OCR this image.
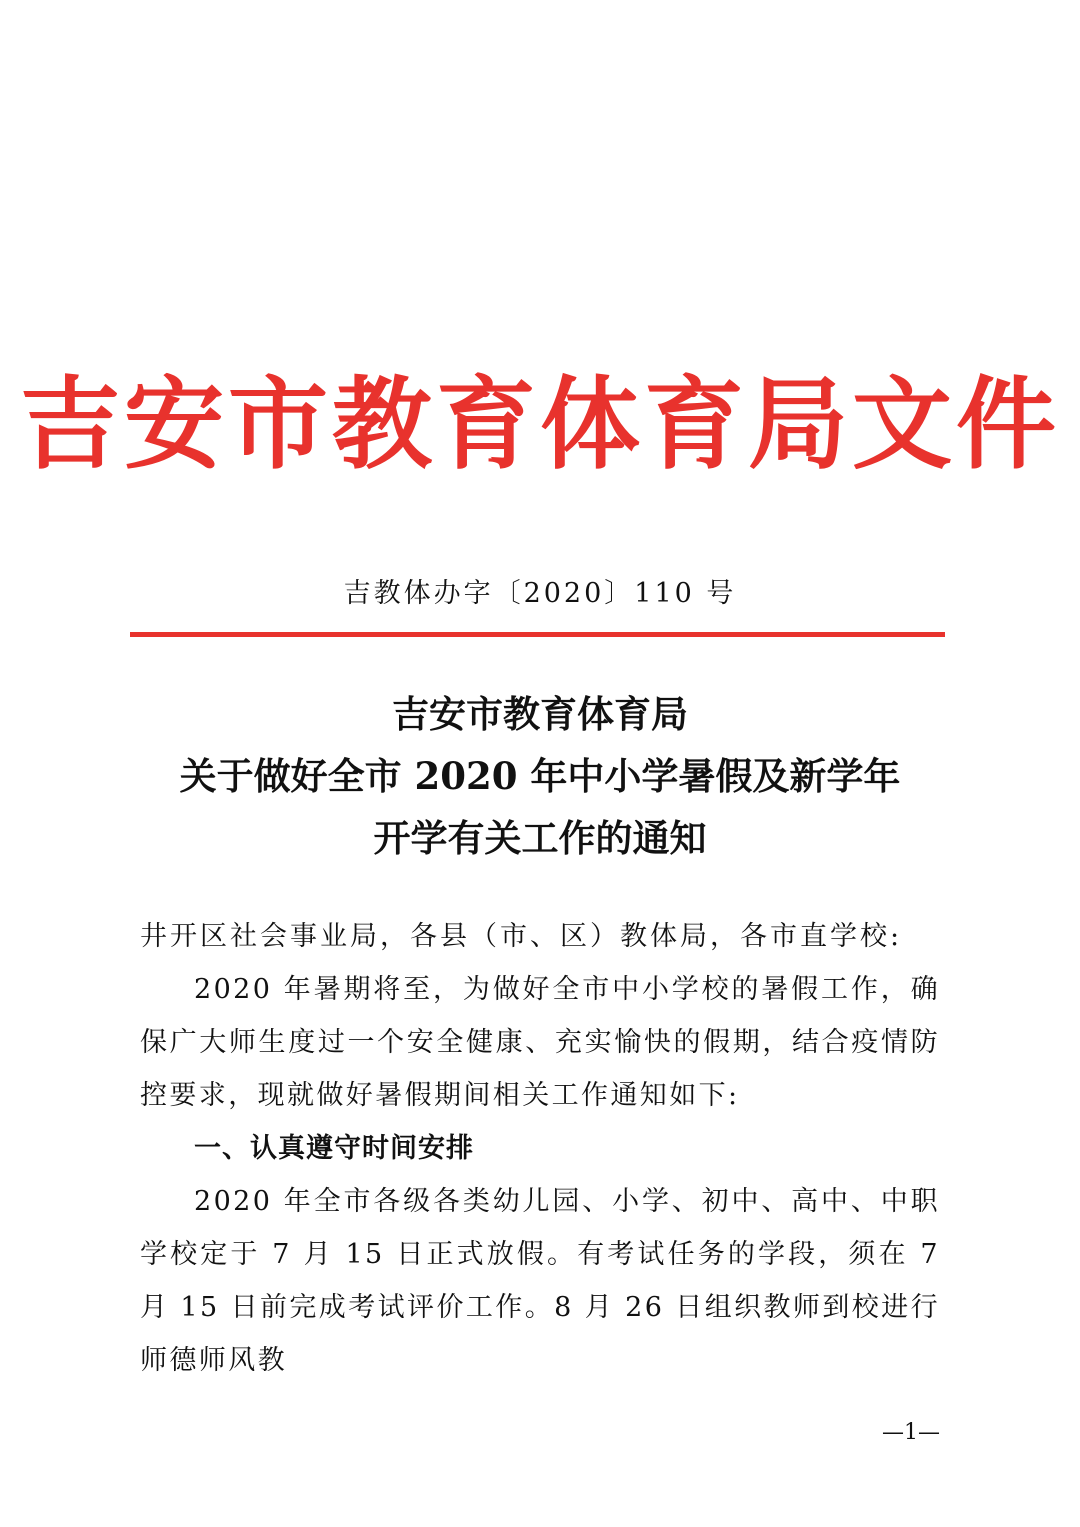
吉安市教育体育局文件
吉教体办字〔2020〕110 号
吉安市教育体育局
关于做好全市 2020 年中小学暑假及新学年
开学有关工作的通知

井开区社会事业局，各县（市、区）教体局，各市直学校:

2020 年暑期将至，为做好全市中小学校的暑假工作，确保广大师生度过一个安全健康、充实愉快的假期，结合疫情防控要求，现就做好暑假期间相关工作通知如下:

一、认真遵守时间安排

2020 年全市各级各类幼儿园、小学、初中、高中、中职学校定于 7 月 15 日正式放假。有考试任务的学段，须在 7 月 15 日前完成考试评价工作。8 月 26 日组织教师到校进行师德师风教

—1—
